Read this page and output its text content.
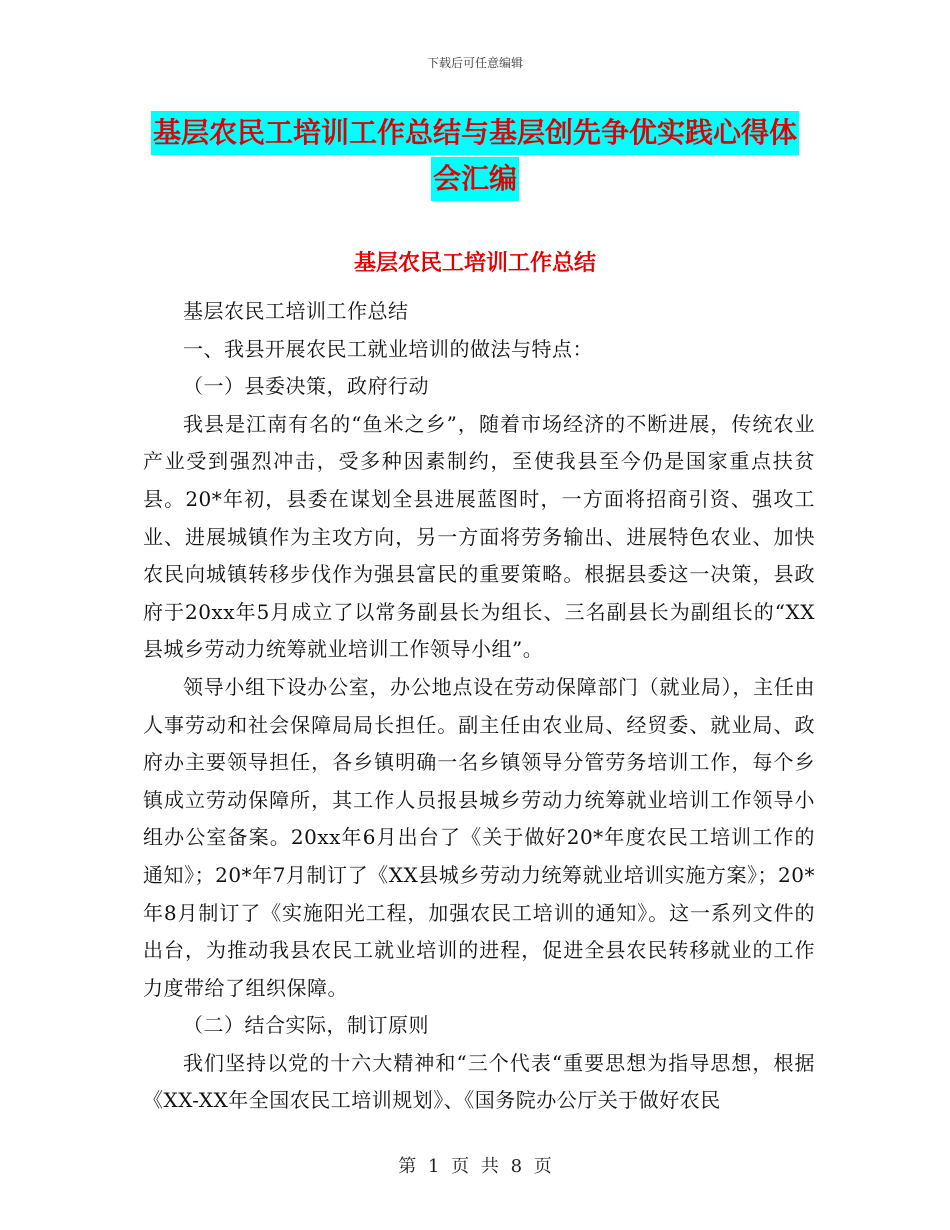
下载后可任意编辑
基层农民工培训工作总结与基层创先争优实践心得体
会汇编
基层农民工培训工作总结

基层农民工培训工作总结

一、我县开展农民工就业培训的做法与特点：

（一）县委决策，政府行动

我县是江南有名的“鱼米之乡”，随着市场经济的不断进展，传统农业产业受到强烈冲击，受多种因素制约，至使我县至今仍是国家重点扶贫县。20*年初，县委在谋划全县进展蓝图时，一方面将招商引资、强攻工业、进展城镇作为主攻方向，另一方面将劳务输出、进展特色农业、加快农民向城镇转移步伐作为强县富民的重要策略。根据县委这一决策，县政府于20xx年5月成立了以常务副县长为组长、三名副县长为副组长的“XX县城乡劳动力统筹就业培训工作领导小组”。

领导小组下设办公室，办公地点设在劳动保障部门（就业局），主任由人事劳动和社会保障局局长担任。副主任由农业局、经贸委、就业局、政府办主要领导担任，各乡镇明确一名乡镇领导分管劳务培训工作，每个乡镇成立劳动保障所，其工作人员报县城乡劳动力统筹就业培训工作领导小组办公室备案。20xx年6月出台了《关于做好20*年度农民工培训工作的通知》；20*年7月制订了《XX县城乡劳动力统筹就业培训实施方案》；20*年8月制订了《实施阳光工程，加强农民工培训的通知》。这一系列文件的出台，为推动我县农民工就业培训的进程，促进全县农民转移就业的工作力度带给了组织保障。

（二）结合实际，制订原则

我们坚持以党的十六大精神和“三个代表“重要思想为指导思想，根据《XX-XX年全国农民工培训规划》、《国务院办公厅关于做好农民

第 1 页 共 8 页
